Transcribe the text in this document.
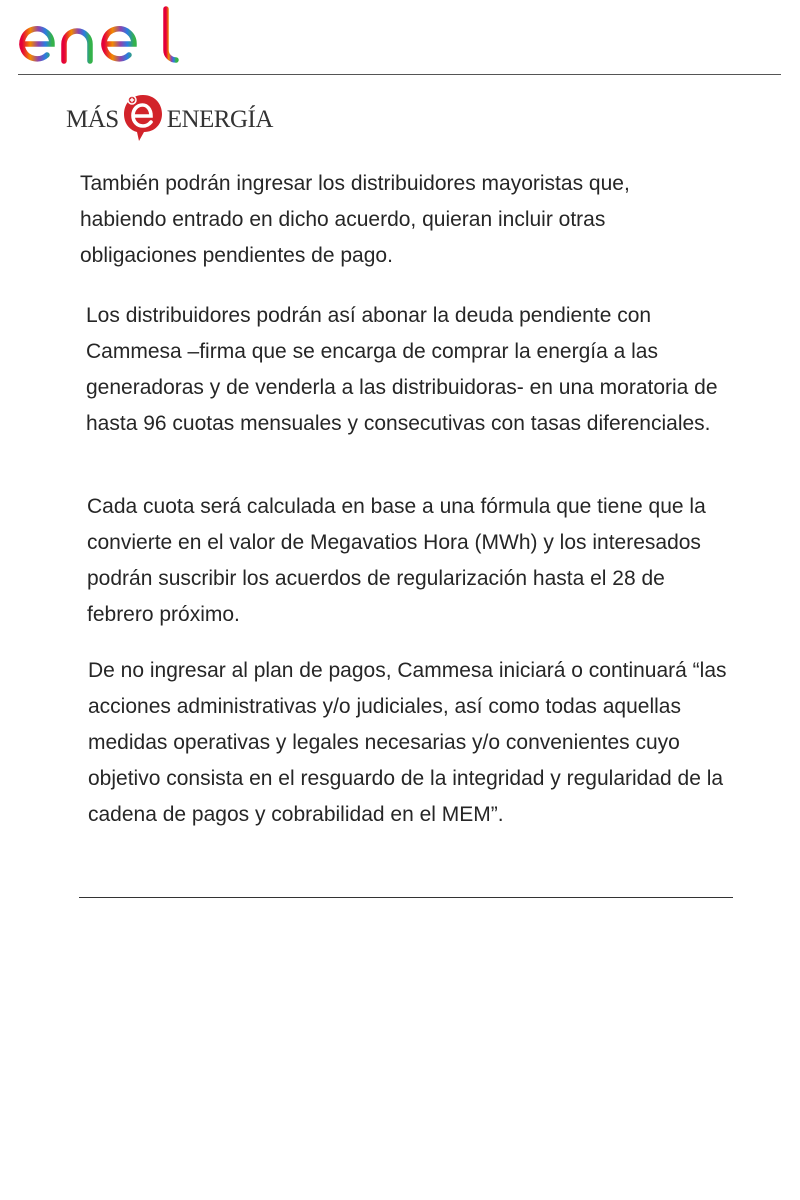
MÁS ENERGÍA

También podrán ingresar los distribuidores mayoristas que, habiendo entrado en dicho acuerdo, quieran incluir otras obligaciones pendientes de pago.

Los distribuidores podrán así abonar la deuda pendiente con Cammesa –firma que se encarga de comprar la energía a las generadoras y de venderla a las distribuidoras- en una moratoria de hasta 96 cuotas mensuales y consecutivas con tasas diferenciales.

Cada cuota será calculada en base a una fórmula que tiene que la convierte en el valor de Megavatios Hora (MWh) y los interesados podrán suscribir los acuerdos de regularización hasta el 28 de febrero próximo.

De no ingresar al plan de pagos, Cammesa iniciará o continuará “las acciones administrativas y/o judiciales, así como todas aquellas medidas operativas y legales necesarias y/o convenientes cuyo objetivo consista en el resguardo de la integridad y regularidad de la cadena de pagos y cobrabilidad en el MEM”.
